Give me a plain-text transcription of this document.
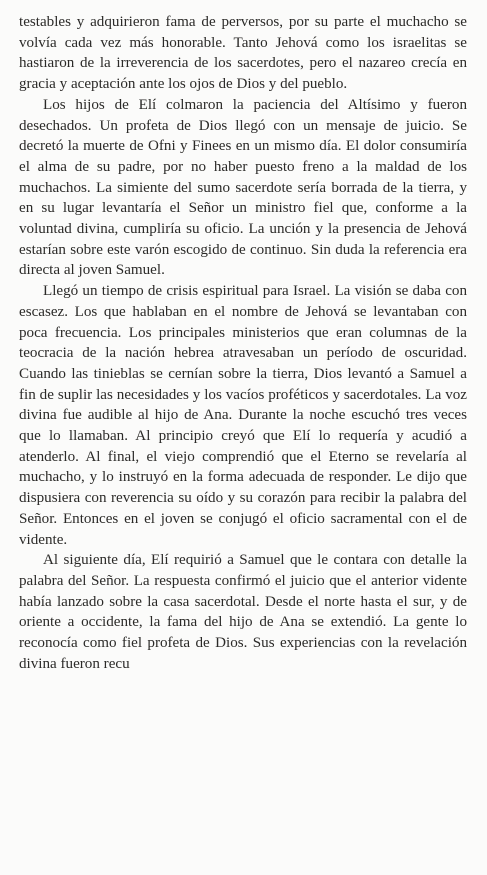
testables y adquirieron fama de perversos, por su parte el muchacho se volvía cada vez más honorable. Tanto Jehová como los israelitas se hastiaron de la irreverencia de los sacerdotes, pero el nazareo crecía en gracia y aceptación ante los ojos de Dios y del pueblo.

Los hijos de Elí colmaron la paciencia del Altísimo y fueron desechados. Un profeta de Dios llegó con un mensaje de juicio. Se decretó la muerte de Ofni y Finees en un mismo día. El dolor consumiría el alma de su padre, por no haber puesto freno a la maldad de los muchachos. La simiente del sumo sacerdote sería borrada de la tierra, y en su lugar levantaría el Señor un ministro fiel que, conforme a la voluntad divina, cumpliría su oficio. La unción y la presencia de Jehová estarían sobre este varón escogido de continuo. Sin duda la referencia era directa al joven Samuel.

Llegó un tiempo de crisis espiritual para Israel. La visión se daba con escasez. Los que hablaban en el nombre de Jehová se levantaban con poca frecuencia. Los principales ministerios que eran columnas de la teocracia de la nación hebrea atravesaban un período de oscuridad. Cuando las tinieblas se cernían sobre la tierra, Dios levantó a Samuel a fin de suplir las necesidades y los vacíos proféticos y sacerdotales. La voz divina fue audible al hijo de Ana. Durante la noche escuchó tres veces que lo llamaban. Al principio creyó que Elí lo requería y acudió a atenderlo. Al final, el viejo comprendió que el Eterno se revelaría al muchacho, y lo instruyó en la forma adecuada de responder. Le dijo que dispusiera con reverencia su oído y su corazón para recibir la palabra del Señor. Entonces en el joven se conjugó el oficio sacramental con el de vidente.

Al siguiente día, Elí requirió a Samuel que le contara con detalle la palabra del Señor. La respuesta confirmó el juicio que el anterior vidente había lanzado sobre la casa sacerdotal. Desde el norte hasta el sur, y de oriente a occidente, la fama del hijo de Ana se extendió. La gente lo reconocía como fiel profeta de Dios. Sus experiencias con la revelación divina fueron recu
